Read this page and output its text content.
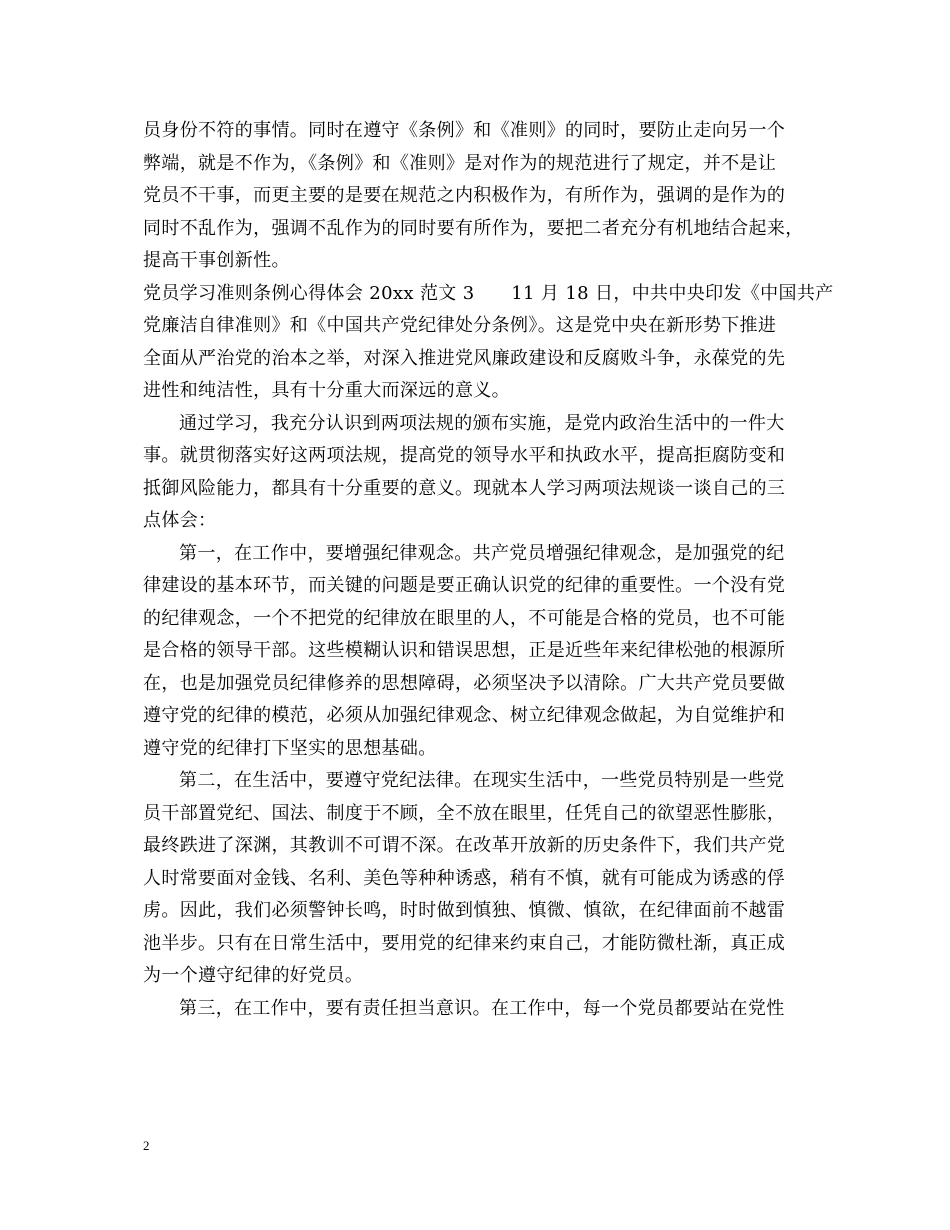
员身份不符的事情。同时在遵守《条例》和《准则》的同时，要防止走向另一个
弊端，就是不作为，《条例》和《准则》是对作为的规范进行了规定，并不是让
党员不干事，而更主要的是要在规范之内积极作为，有所作为，强调的是作为的
同时不乱作为，强调不乱作为的同时要有所作为，要把二者充分有机地结合起来，
提高干事创新性。
党员学习准则条例心得体会 20xx 范文 3　　11 月 18 日，中共中央印发《中国共产
党廉洁自律准则》和《中国共产党纪律处分条例》。这是党中央在新形势下推进
全面从严治党的治本之举，对深入推进党风廉政建设和反腐败斗争，永葆党的先
进性和纯洁性，具有十分重大而深远的意义。
通过学习，我充分认识到两项法规的颁布实施，是党内政治生活中的一件大
事。就贯彻落实好这两项法规，提高党的领导水平和执政水平，提高拒腐防变和
抵御风险能力，都具有十分重要的意义。现就本人学习两项法规谈一谈自己的三
点体会：
第一，在工作中，要增强纪律观念。共产党员增强纪律观念，是加强党的纪
律建设的基本环节，而关键的问题是要正确认识党的纪律的重要性。一个没有党
的纪律观念，一个不把党的纪律放在眼里的人，不可能是合格的党员，也不可能
是合格的领导干部。这些模糊认识和错误思想，正是近些年来纪律松弛的根源所
在，也是加强党员纪律修养的思想障碍，必须坚决予以清除。广大共产党员要做
遵守党的纪律的模范，必须从加强纪律观念、树立纪律观念做起，为自觉维护和
遵守党的纪律打下坚实的思想基础。
第二，在生活中，要遵守党纪法律。在现实生活中，一些党员特别是一些党
员干部置党纪、国法、制度于不顾，全不放在眼里，任凭自己的欲望恶性膨胀，
最终跌进了深渊，其教训不可谓不深。在改革开放新的历史条件下，我们共产党
人时常要面对金钱、名利、美色等种种诱惑，稍有不慎，就有可能成为诱惑的俘
虏。因此，我们必须警钟长鸣，时时做到慎独、慎微、慎欲，在纪律面前不越雷
池半步。只有在日常生活中，要用党的纪律来约束自己，才能防微杜渐，真正成
为一个遵守纪律的好党员。
第三，在工作中，要有责任担当意识。在工作中，每一个党员都要站在党性
2
